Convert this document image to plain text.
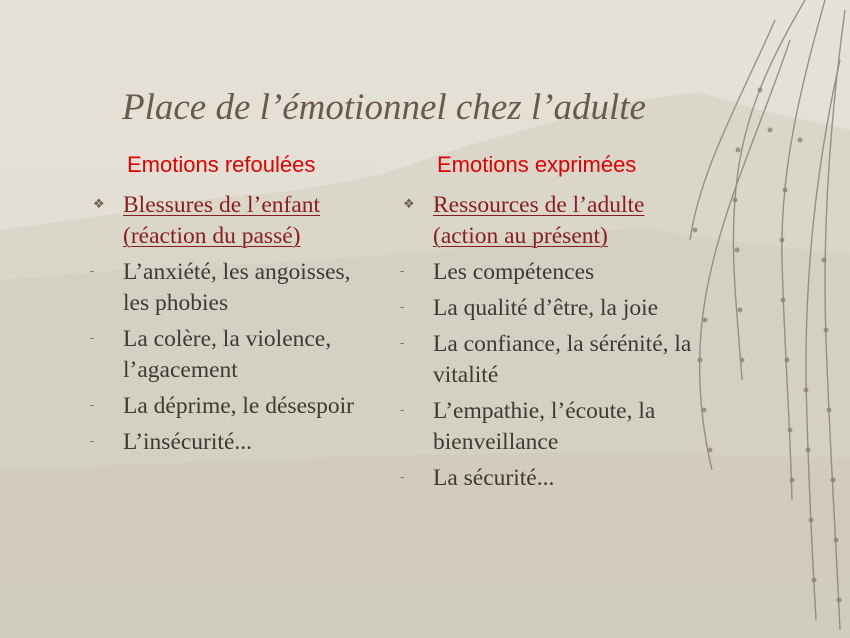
Place de l’émotionnel chez l’adulte
Emotions refoulées	Emotions exprimées
❖ Blessures de l’enfant (réaction du passé)
-	L’anxiété, les angoisses, les phobies
-	La colère, la violence, l’agacement
-	La déprime, le désespoir
-	L’insécurité...
❖ Ressources de l’adulte (action au présent)
-	Les compétences
-	La qualité d’être, la joie
-	La confiance, la sérénité, la vitalité
-	L’empathie, l’écoute, la bienveillance
-	La sécurité...
